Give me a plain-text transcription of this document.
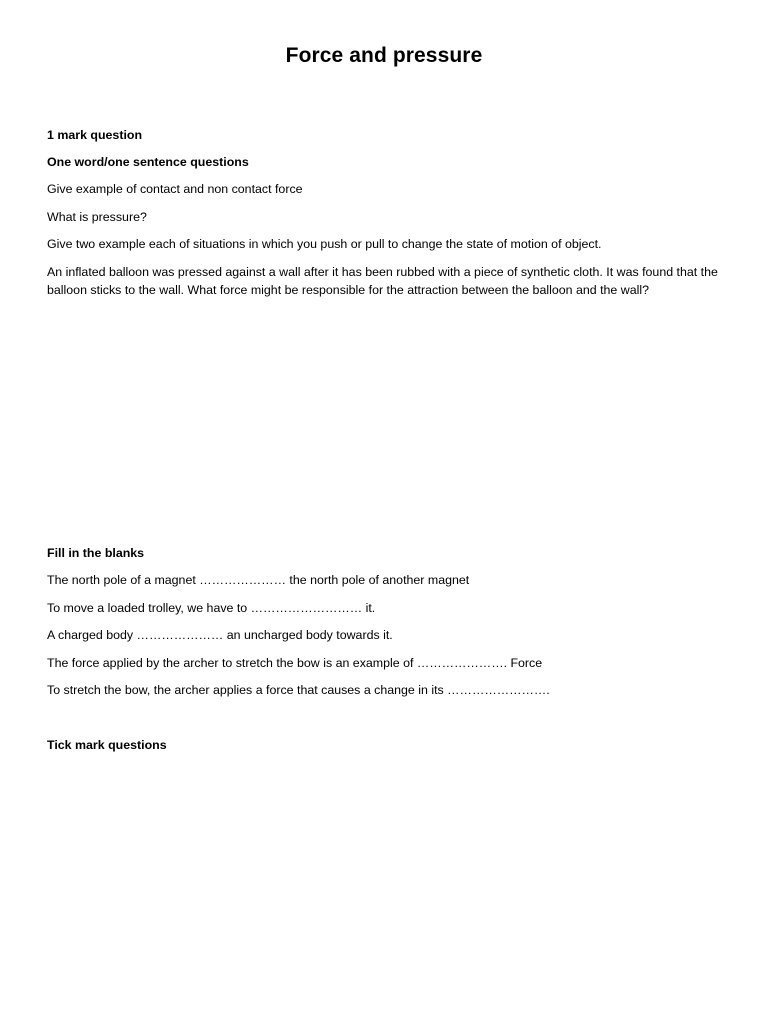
Force and pressure
1 mark question
One word/one sentence questions
Give example of contact and non contact force
What is pressure?
Give two example each of situations in which you push or pull to change the state of motion of object.
An inflated balloon was pressed against a wall after it has been rubbed with a piece of synthetic cloth. It was found that the balloon sticks to the wall. What force might be responsible for the attraction between the balloon and the wall?
Fill in the blanks
The north pole of a magnet ………………… the north pole of another magnet
To move a loaded trolley, we have to ……………………… it.
A charged body ………………… an uncharged body towards it.
The force applied by the archer to stretch the bow is an example of …………………. Force
To stretch the bow, the archer applies a force that causes a change in its …………………….
Tick mark questions
